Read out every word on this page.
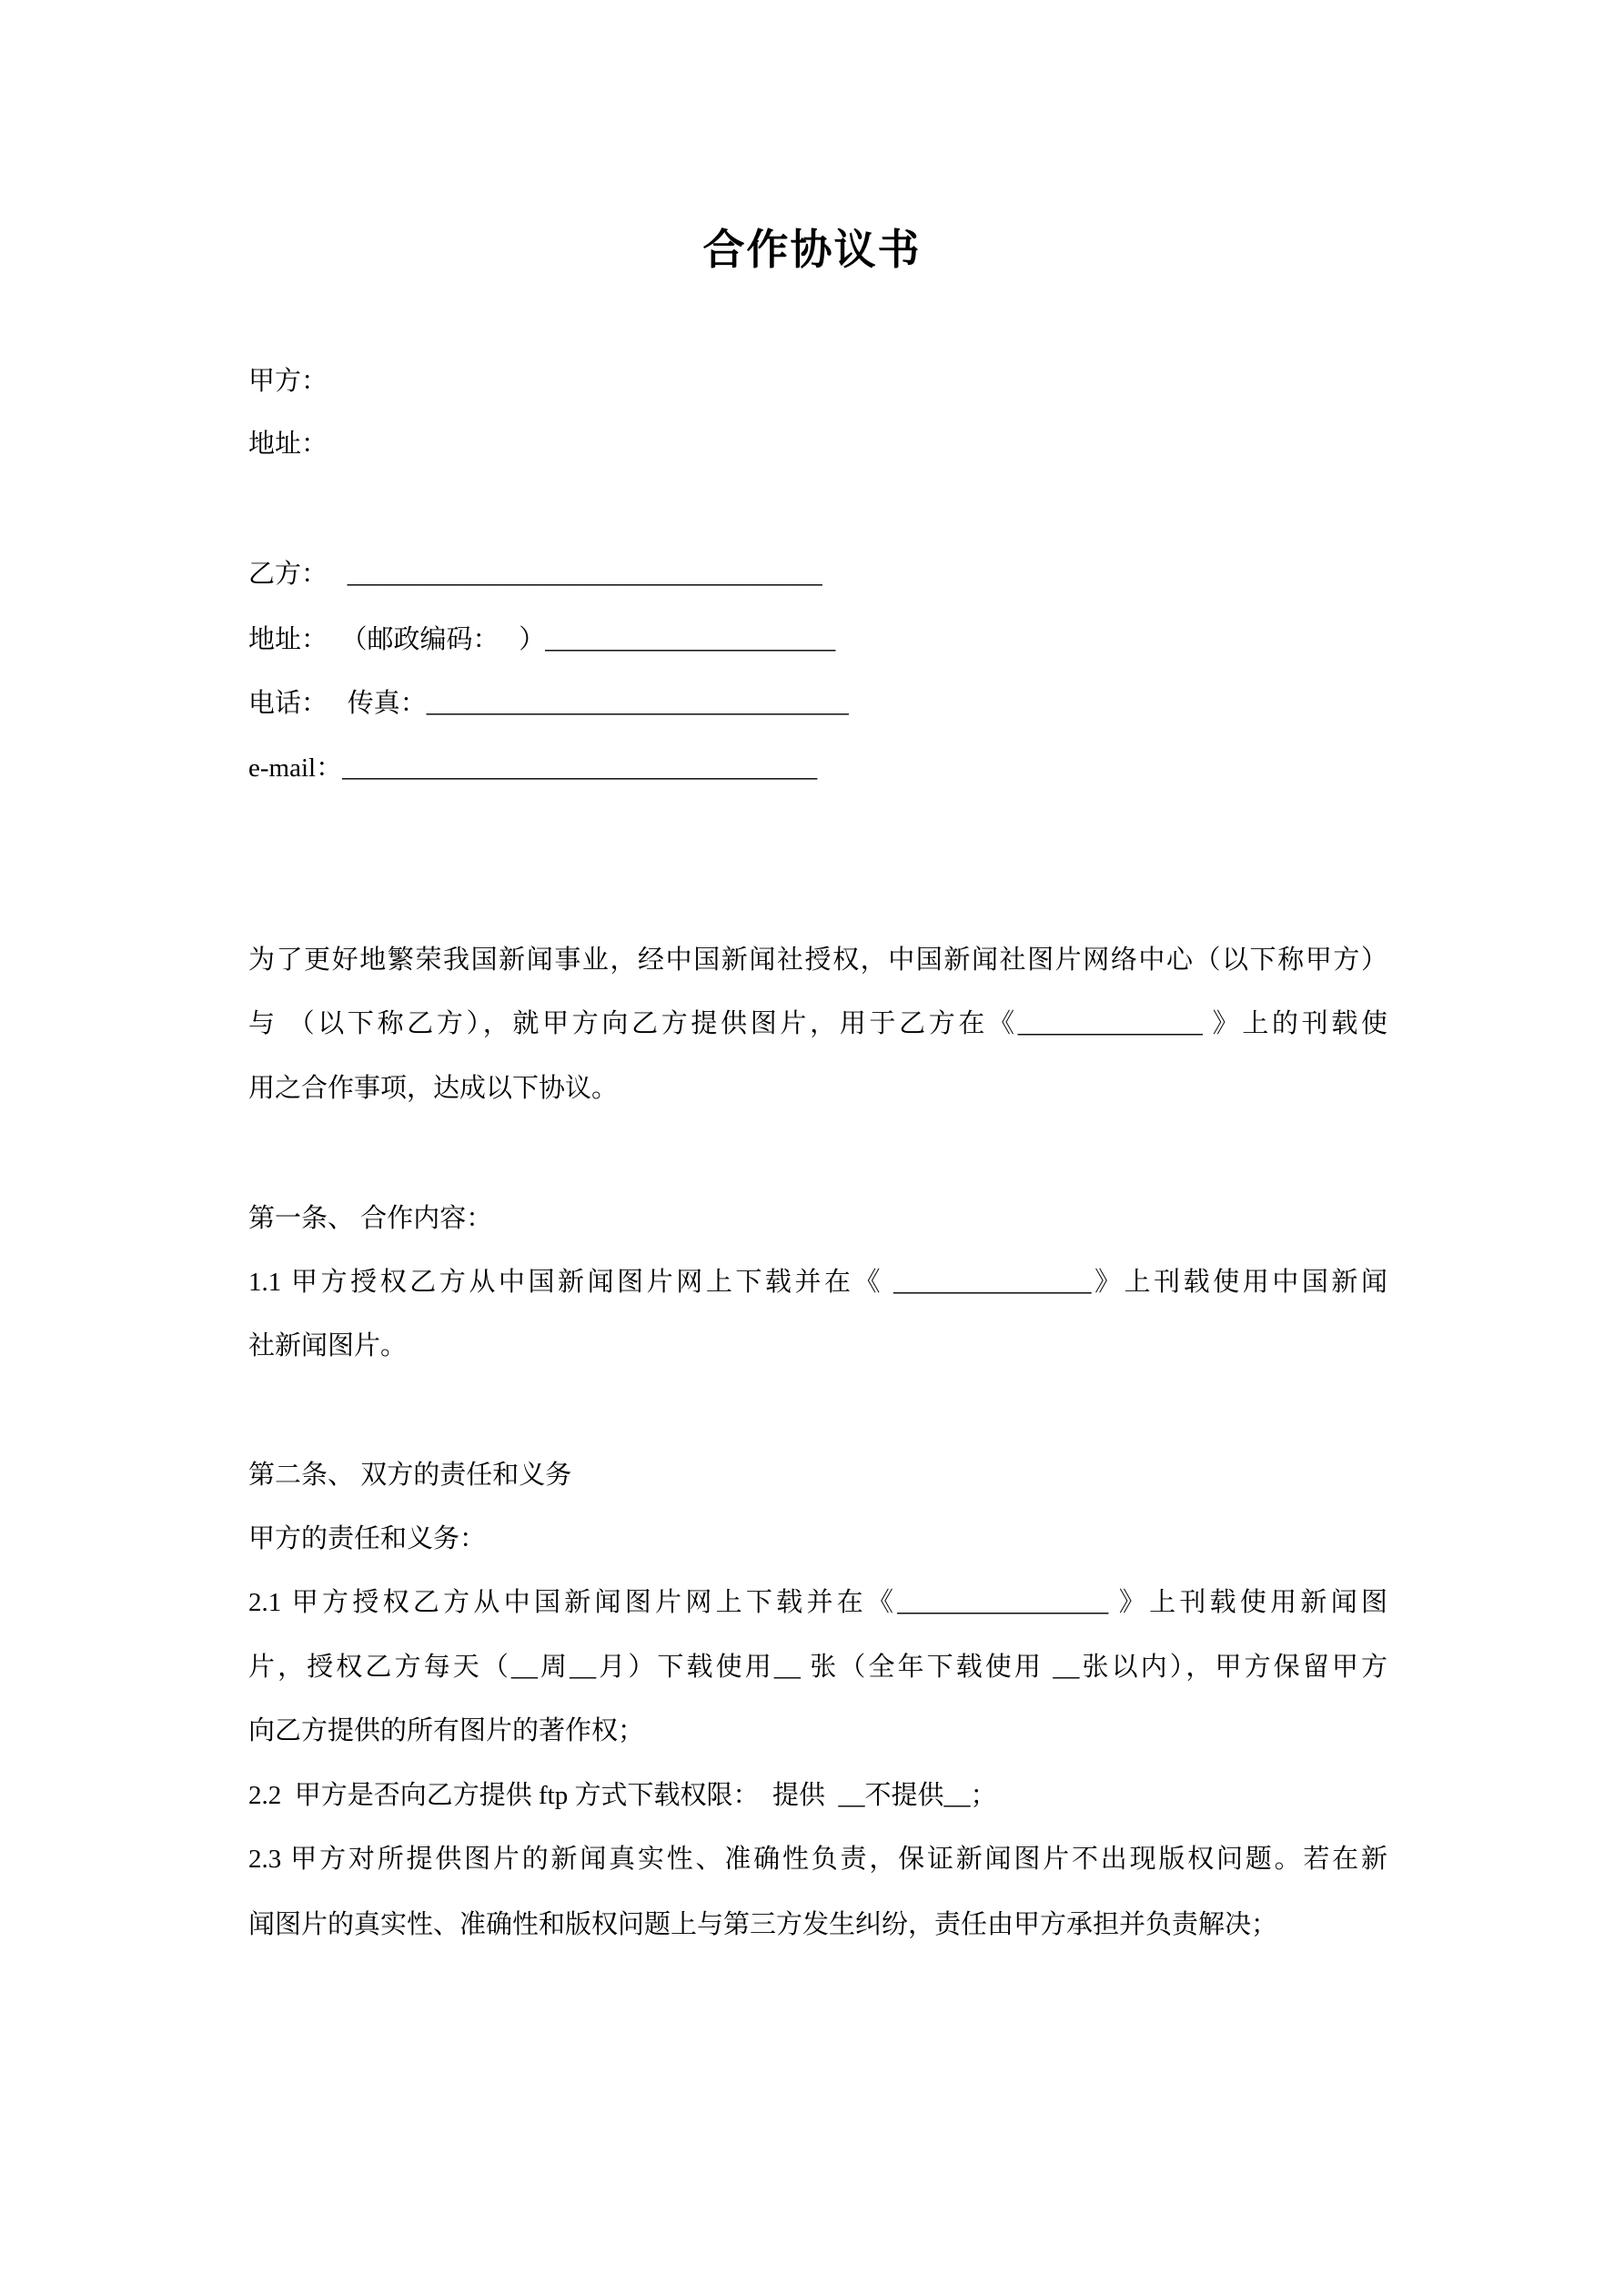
合作协议书
甲方：
地址：
乙方：   ____________________________________
地址：  （邮政编码：   ）______________________
电话：   传真：________________________________
e-mail：____________________________________
为了更好地繁荣我国新闻事业，经中国新闻社授权，中国新闻社图片网络中心（以下称甲方）
与 （以下称乙方），就甲方向乙方提供图片，用于乙方在《______________ 》上的刊载使
用之合作事项，达成以下协议。
第一条、 合作内容：
1.1 甲方授权乙方从中国新闻图片网上下载并在《 _______________》上刊载使用中国新闻
社新闻图片。
第二条、 双方的责任和义务
甲方的责任和义务：
2.1 甲方授权乙方从中国新闻图片网上下载并在《________________ 》上刊载使用新闻图
片，授权乙方每天（__周__月）下载使用__ 张（全年下载使用 __张以内），甲方保留甲方
向乙方提供的所有图片的著作权；
2.2  甲方是否向乙方提供 ftp 方式下载权限：  提供  __不提供__；
2.3 甲方对所提供图片的新闻真实性、准确性负责，保证新闻图片不出现版权问题。若在新
闻图片的真实性、准确性和版权问题上与第三方发生纠纷，责任由甲方承担并负责解决；
